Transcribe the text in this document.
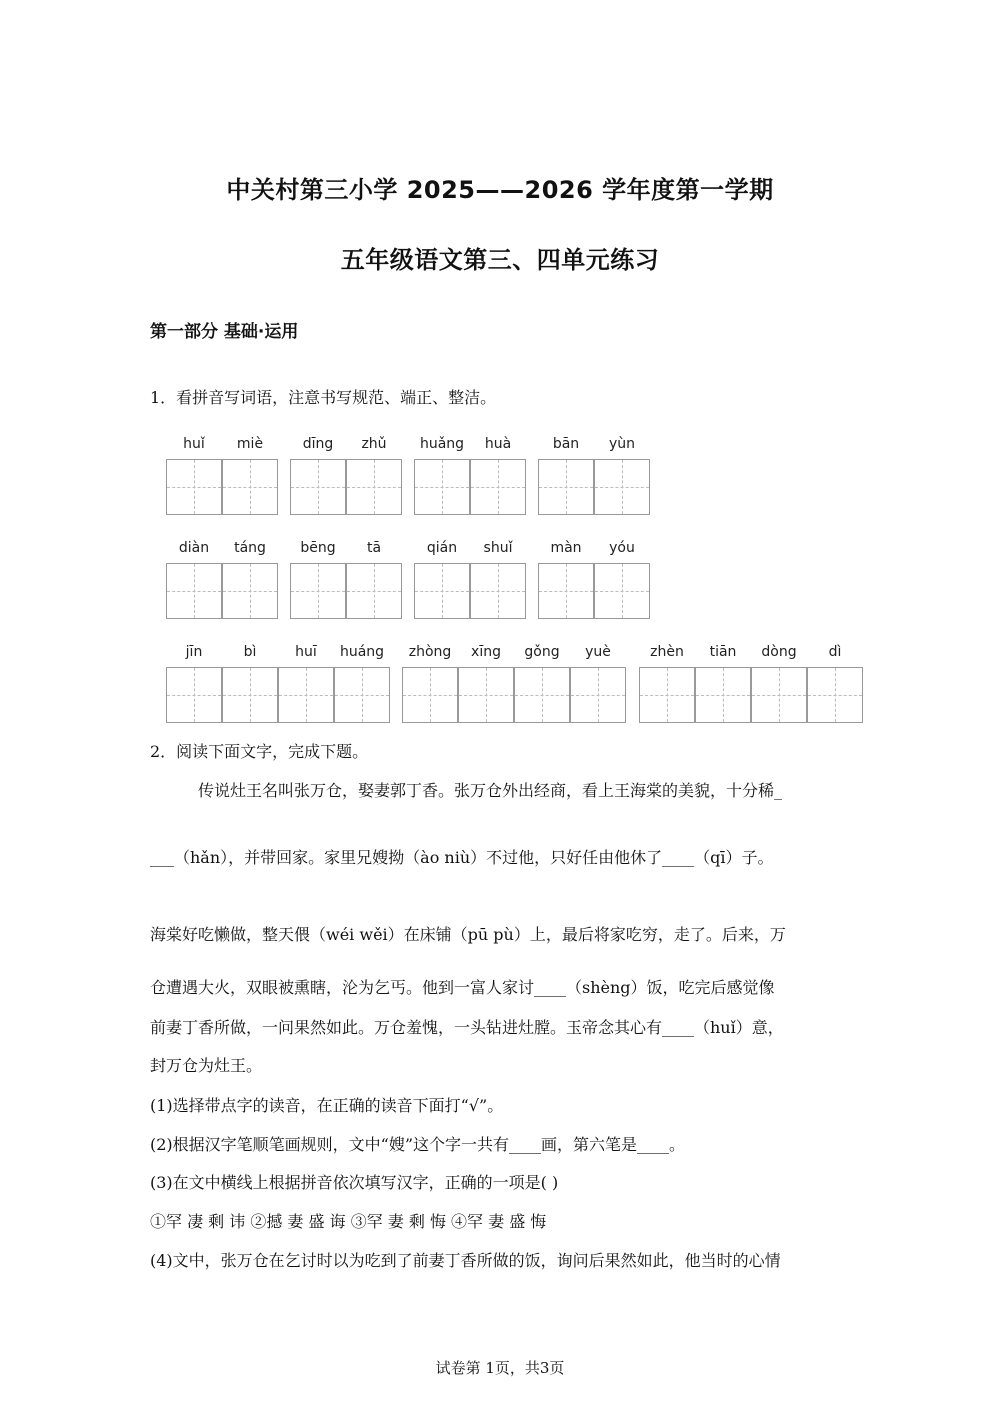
中关村第三小学 2025——2026 学年度第一学期
五年级语文第三、四单元练习
第一部分 基础·运用
1．看拼音写词语，注意书写规范、端正、整洁。
huǐ	miè	dīng	zhǔ	huǎng	huà	bān	yùn
diàn	táng	bēng	tā	qián	shuǐ	màn	yóu
jīn	bì	huī	huáng	zhòng	xīng	gǒng	yuè	zhèn	tiān	dòng	dì
2．阅读下面文字，完成下题。
传说灶王名叫张万仓，娶妻郭丁香。张万仓外出经商，看上王海棠的美貌，十分稀_
___（hǎn），并带回家。家里兄嫂拗（ào niù）不过他，只好任由他休了____（qī）子。
海棠好吃懒做，整天偎（wéi wěi）在床铺（pū pù）上，最后将家吃穷，走了。后来，万
仓遭遇大火，双眼被熏瞎，沦为乞丐。他到一富人家讨____（shèng）饭，吃完后感觉像
前妻丁香所做，一问果然如此。万仓羞愧，一头钻进灶膛。玉帝念其心有____（huǐ）意，
封万仓为灶王。
(1)选择带点字的读音，在正确的读音下面打“√”。
(2)根据汉字笔顺笔画规则，文中“嫂”这个字一共有____画，第六笔是____。
(3)在文中横线上根据拼音依次填写汉字，正确的一项是( )
①罕 凄 剩 讳 ②撼 妻 盛 诲 ③罕 妻 剩 悔 ④罕 妻 盛 悔
(4)文中，张万仓在乞讨时以为吃到了前妻丁香所做的饭，询问后果然如此，他当时的心情
试卷第 1页，共3页
